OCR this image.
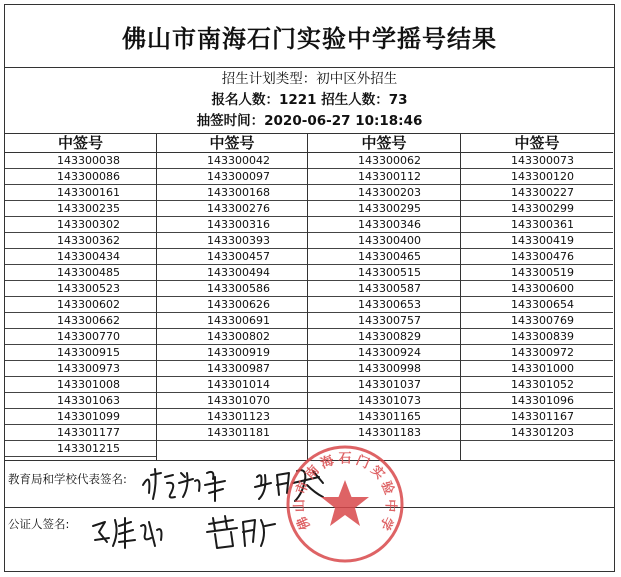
佛山市南海石门实验中学摇号结果
招生计划类型：初中区外招生
报名人数：1221 招生人数：73
抽签时间：2020-06-27 10:18:46
中签号
143300038
143300086
143300161
143300235
143300302
143300362
143300434
143300485
143300523
143300602
143300662
143300770
143300915
143300973
143301008
143301063
143301099
143301177
143301215
中签号
143300042
143300097
143300168
143300276
143300316
143300393
143300457
143300494
143300586
143300626
143300691
143300802
143300919
143300987
143301014
143301070
143301123
143301181
中签号
143300062
143300112
143300203
143300295
143300346
143300400
143300465
143300515
143300587
143300653
143300757
143300829
143300924
143300998
143301037
143301073
143301165
143301183
中签号
143300073
143300120
143300227
143300299
143300361
143300419
143300476
143300519
143300600
143300654
143300769
143300839
143300972
143301000
143301052
143301096
143301167
143301203
教育局和学校代表签名:
公证人签名:	佛
山
市
南
海 石 门
实
验
中
学
